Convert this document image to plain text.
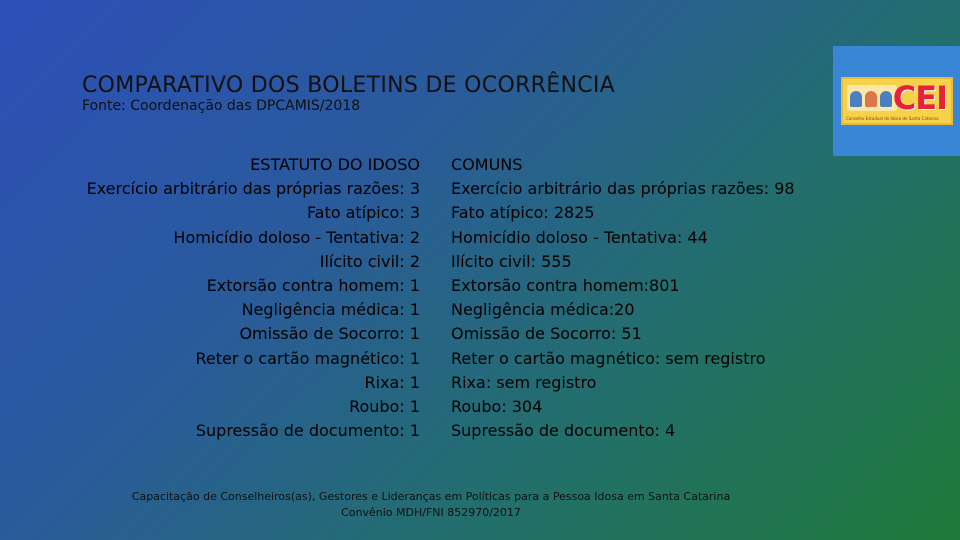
COMPARATIVO DOS BOLETINS DE OCORRÊNCIA
Fonte: Coordenação das DPCAMIS/2018	CEI
Conselho Estadual do Idoso de Santa Catarina
ESTATUTO DO IDOSO
Exercício arbitrário das próprias razões: 3
Fato atípico: 3
Homicídio doloso - Tentativa: 2
Ilícito civil: 2
Extorsão contra homem: 1
Negligência médica: 1
Omissão de Socorro: 1
Reter o cartão magnético: 1
Rixa: 1
Roubo: 1
Supressão de documento: 1
COMUNS
Exercício arbitrário das próprias razões: 98
Fato atípico: 2825
Homicídio doloso - Tentativa: 44
Ilícito civil: 555
Extorsão contra homem:801
Negligência médica:20
Omissão de Socorro: 51
Reter o cartão magnético: sem registro
Rixa: sem registro
Roubo: 304
Supressão de documento: 4
Capacitação de Conselheiros(as), Gestores e Lideranças em Políticas para a Pessoa Idosa em Santa Catarina
Convênio MDH/FNI 852970/2017
